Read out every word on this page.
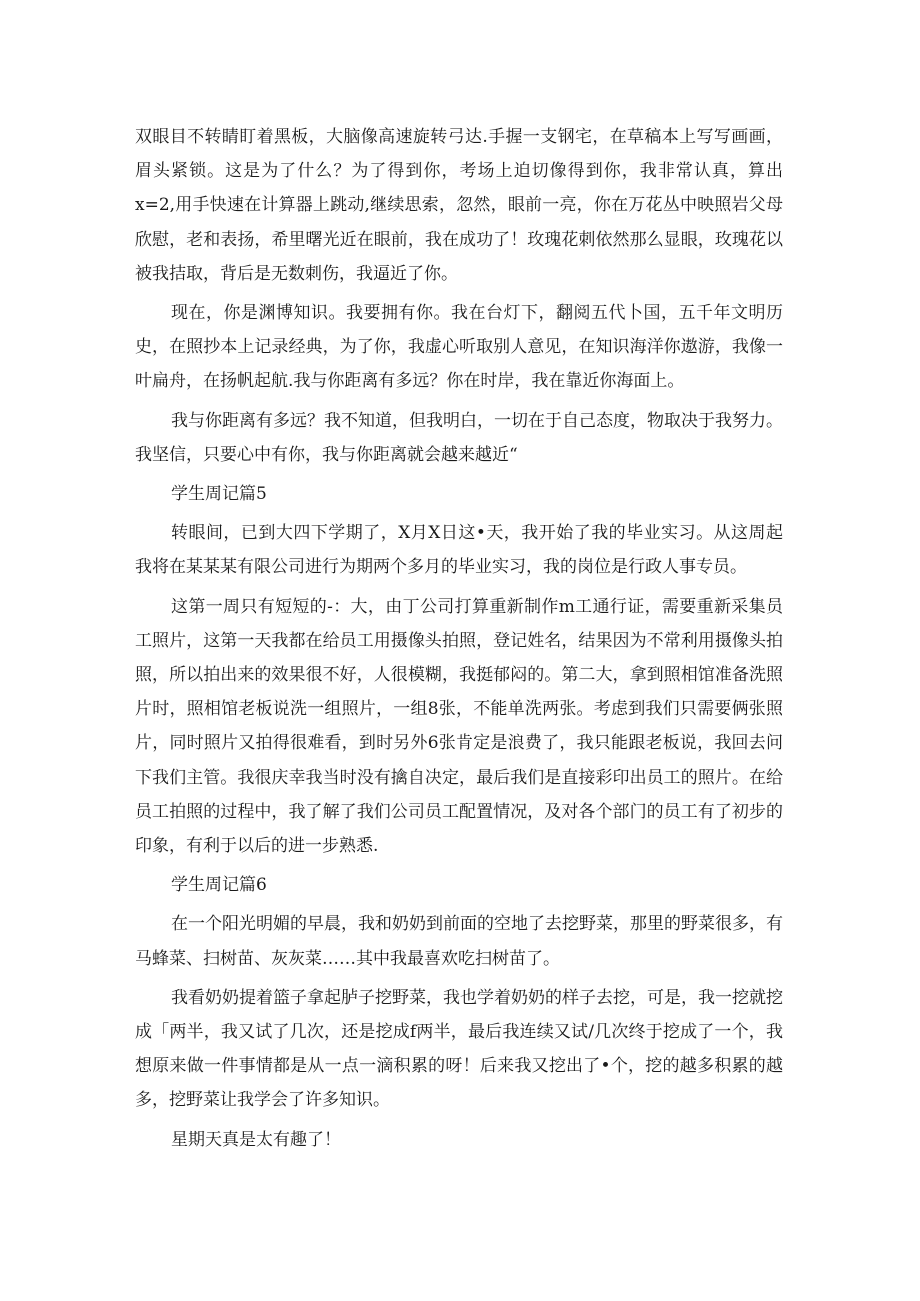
双眼目不转睛盯着黑板，大脑像高速旋转弓达.手握一支钢宅，在草稿本上写写画画，眉头紧锁。这是为了什么？为了得到你，考场上迫切像得到你，我非常认真，算出x=2,用手快速在计算器上跳动,继续思索，忽然，眼前一亮，你在万花丛中映照岩父母欣慰，老和表扬，希里曙光近在眼前，我在成功了！玫瑰花刺依然那么显眼，玫瑰花以被我拮取，背后是无数刺伤，我逼近了你。

现在，你是渊博知识。我要拥有你。我在台灯下，翻阅五代卜国，五千年文明历史，在照抄本上记录经典，为了你，我虚心听取别人意见，在知识海洋你遨游，我像一叶扁舟，在扬帆起航.我与你距离有多远？你在时岸，我在靠近你海面上。

我与你距离有多远？我不知道，但我明白，一切在于自己态度，物取决于我努力。我坚信，只要心中有你，我与你距离就会越来越近“

学生周记篇5

转眼间，已到大四下学期了，X月X日这•天，我开始了我的毕业实习。从这周起我将在某某某有限公司进行为期两个多月的毕业实习，我的岗位是行政人事专员。

这第一周只有短短的-：大，由丁公司打算重新制作m工通行证，需要重新采集员工照片，这第一天我都在给员工用摄像头拍照，登记姓名，结果因为不常利用摄像头拍照，所以拍出来的效果很不好，人很模糊，我挺郁闷的。第二大，拿到照相馆准备洗照片时，照相馆老板说洗一组照片，一组8张，不能单洗两张。考虑到我们只需要俩张照片，同时照片又拍得很难看，到时另外6张肯定是浪费了，我只能跟老板说，我回去问下我们主管。我很庆幸我当时没有擒自决定，最后我们是直接彩印出员工的照片。在给员工拍照的过程中，我了解了我们公司员工配置情况，及对各个部门的员工有了初步的印象，有利于以后的进一步熟悉.

学生周记篇6

在一个阳光明媚的早晨，我和奶奶到前面的空地了去挖野菜，那里的野菜很多，有马蜂菜、扫树苗、灰灰菜……其中我最喜欢吃扫树苗了。

我看奶奶提着篮子拿起胪子挖野菜，我也学着奶奶的样子去挖，可是，我一挖就挖成「两半，我又试了几次，还是挖成f两半，最后我连续又试/几次终于挖成了一个，我想原来做一件事情都是从一点一滴积累的呀！后来我又挖出了•个，挖的越多积累的越多，挖野菜让我学会了许多知识。

星期天真是太有趣了！
